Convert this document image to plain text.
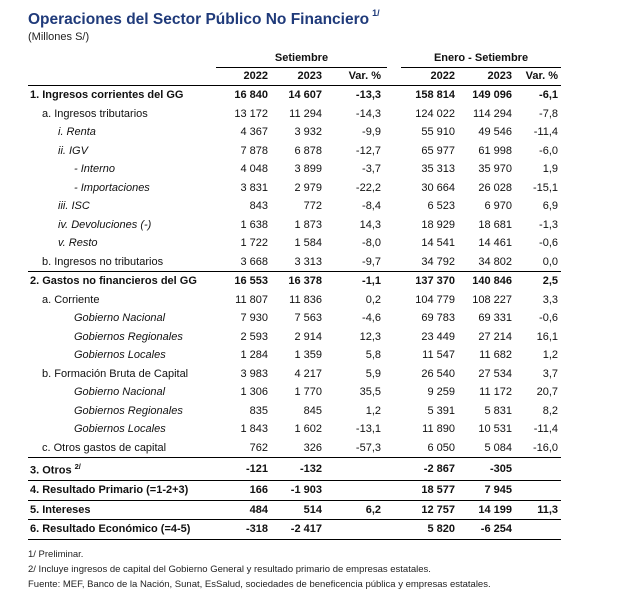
Operaciones del Sector Público No Financiero $^{1/}$
(Millones S/)
	Setiembre				Enero - Setiembre		
	2022	2023	Var. %		2022	2023	Var. %
1. Ingresos corrientes del GG	16 840	14 607	-13,3		158 814	149 096	-6,1
a. Ingresos tributarios	13 172	11 294	-14,3		124 022	114 294	-7,8
i. Renta	4 367	3 932	-9,9		55 910	49 546	-11,4
ii. IGV	7 878	6 878	-12,7		65 977	61 998	-6,0
- Interno	4 048	3 899	-3,7		35 313	35 970	1,9
- Importaciones	3 831	2 979	-22,2		30 664	26 028	-15,1
iii. ISC	843	772	-8,4		6 523	6 970	6,9
iv. Devoluciones (-)	1 638	1 873	14,3		18 929	18 681	-1,3
v. Resto	1 722	1 584	-8,0		14 541	14 461	-0,6
b. Ingresos no tributarios	3 668	3 313	-9,7		34 792	34 802	0,0
2. Gastos no financieros del GG	16 553	16 378	-1,1		137 370	140 846	2,5
a. Corriente	11 807	11 836	0,2		104 779	108 227	3,3
Gobierno Nacional	7 930	7 563	-4,6		69 783	69 331	-0,6
Gobiernos Regionales	2 593	2 914	12,3		23 449	27 214	16,1
Gobiernos Locales	1 284	1 359	5,8		11 547	11 682	1,2
b. Formación Bruta de Capital	3 983	4 217	5,9		26 540	27 534	3,7
Gobierno Nacional	1 306	1 770	35,5		9 259	11 172	20,7
Gobiernos Regionales	835	845	1,2		5 391	5 831	8,2
Gobiernos Locales	1 843	1 602	-13,1		11 890	10 531	-11,4
c. Otros gastos de capital	762	326	-57,3		6 050	5 084	-16,0
3. Otros $^{2/}$	-121	-132			-2 867	-305	
4. Resultado Primario (=1-2+3)	166	-1 903			18 577	7 945	
5. Intereses	484	514	6,2		12 757	14 199	11,3
6. Resultado Económico (=4-5)	-318	-2 417			5 820	-6 254	
1/ Preliminar.
2/ Incluye ingresos de capital del Gobierno General y resultado primario de empresas estatales.
Fuente: MEF, Banco de la Nación, Sunat, EsSalud, sociedades de beneficencia pública y empresas estatales.
